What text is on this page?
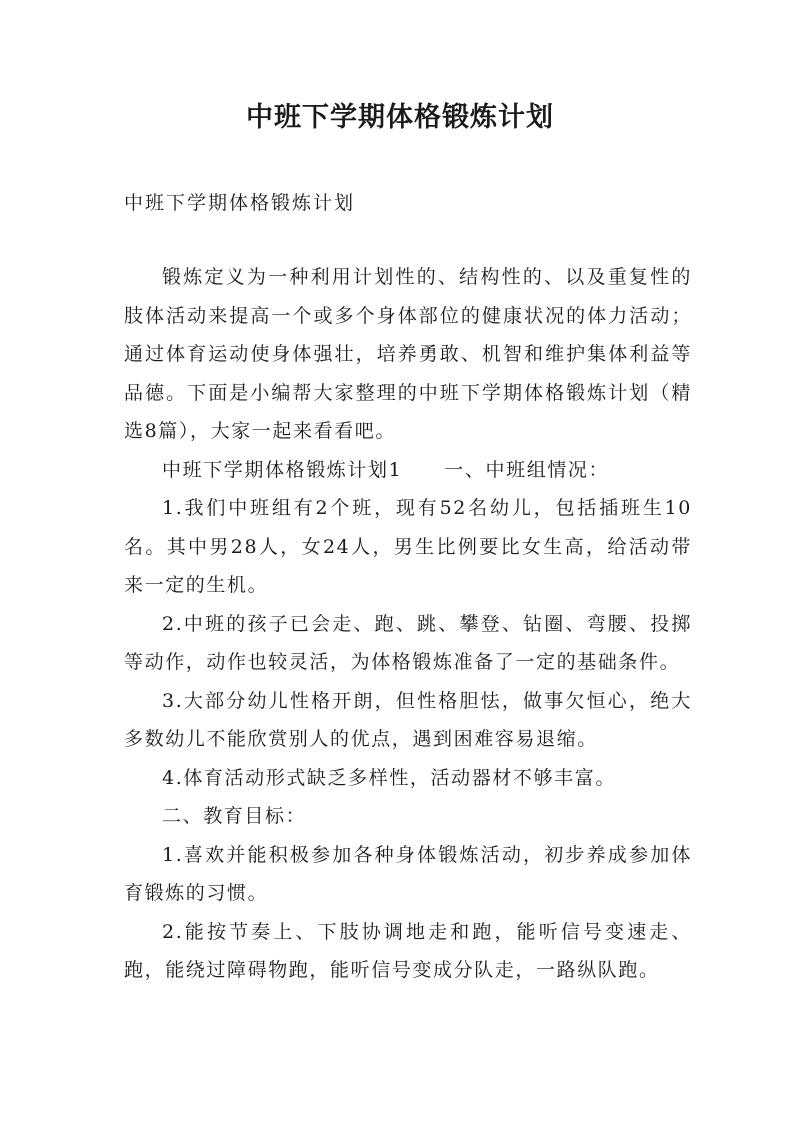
中班下学期体格锻炼计划

中班下学期体格锻炼计划

锻炼定义为一种利用计划性的、结构性的、以及重复性的肢体活动来提高一个或多个身体部位的健康状况的体力活动；通过体育运动使身体强壮，培养勇敢、机智和维护集体利益等品德。下面是小编帮大家整理的中班下学期体格锻炼计划（精选8篇），大家一起来看看吧。

中班下学期体格锻炼计划1 一、中班组情况：

1.我们中班组有2个班，现有52名幼儿，包括插班生10名。其中男28人，女24人，男生比例要比女生高，给活动带来一定的生机。

2.中班的孩子已会走、跑、跳、攀登、钻圈、弯腰、投掷等动作，动作也较灵活，为体格锻炼准备了一定的基础条件。

3.大部分幼儿性格开朗，但性格胆怯，做事欠恒心，绝大多数幼儿不能欣赏别人的优点，遇到困难容易退缩。

4.体育活动形式缺乏多样性，活动器材不够丰富。

二、教育目标：

1.喜欢并能积极参加各种身体锻炼活动，初步养成参加体育锻炼的习惯。

2.能按节奏上、下肢协调地走和跑，能听信号变速走、跑，能绕过障碍物跑，能听信号变成分队走，一路纵队跑。
